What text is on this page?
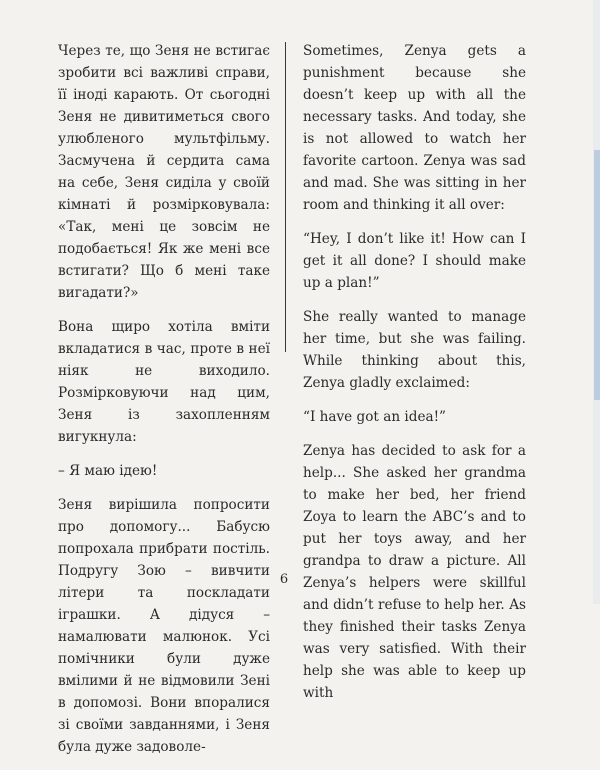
Через те, що Зеня не встигає зробити всі важливі справи, її іноді карають. От сьогодні Зеня не дивитиметься свого улюбленого мультфільму. Засмучена й сердита сама на себе, Зеня сиділа у своїй кімнаті й розмірковувала: «Так, мені це зовсім не подобається! Як же мені все встигати? Що б мені таке вигадати?»

Вона щиро хотіла вміти вкладатися в час, проте в неї ніяк не виходило. Розмірковуючи над цим, Зеня із захопленням вигукнула:

– Я маю ідею!

Зеня вирішила попросити про допомогу... Бабусю попрохала прибрати постіль. Подругу Зою – вивчити літери та поскладати іграшки. А дідуся – намалювати малюнок. Усі помічники були дуже вмілими й не відмовили Зені в допомозі. Вони впоралися зі своїми завданнями, і Зеня була дуже задоволе-

Sometimes, Zenya gets a punishment because she doesn’t keep up with all the necessary tasks. And today, she is not allowed to watch her favorite cartoon. Zenya was sad and mad. She was sitting in her room and thinking it all over:

“Hey, I don’t like it! How can I get it all done? I should make up a plan!”

She really wanted to manage her time, but she was failing. While thinking about this, Zenya gladly exclaimed:

“I have got an idea!”

Zenya has decided to ask for a help... She asked her grandma to make her bed, her friend Zoya to learn the ABC’s and to put her toys away, and her grandpa to draw a picture. All Zenya’s helpers were skillful and didn’t refuse to help her. As they finished their tasks Zenya was very satisfied. With their help she was able to keep up with

6
